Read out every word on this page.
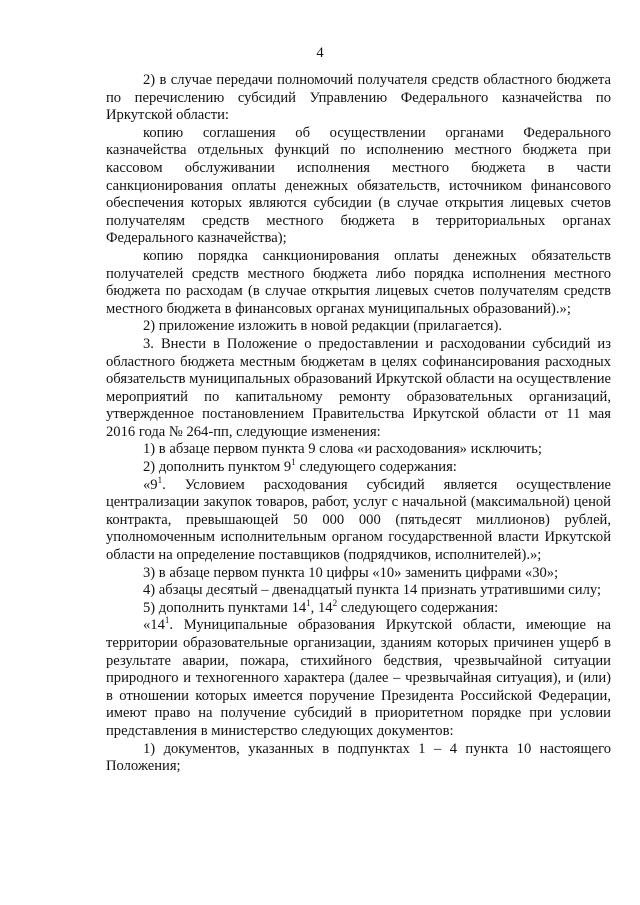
4

2) в случае передачи полномочий получателя средств областного бюджета по перечислению субсидий Управлению Федерального казначейства по Иркутской области:

копию соглашения об осуществлении органами Федерального казначейства отдельных функций по исполнению местного бюджета при кассовом обслуживании исполнения местного бюджета в части санкционирования оплаты денежных обязательств, источником финансового обеспечения которых являются субсидии (в случае открытия лицевых счетов получателям средств местного бюджета в территориальных органах Федерального казначейства);

копию порядка санкционирования оплаты денежных обязательств получателей средств местного бюджета либо порядка исполнения местного бюджета по расходам (в случае открытия лицевых счетов получателям средств местного бюджета в финансовых органах муниципальных образований).»;

2) приложение изложить в новой редакции (прилагается).

3. Внести в Положение о предоставлении и расходовании субсидий из областного бюджета местным бюджетам в целях софинансирования расходных обязательств муниципальных образований Иркутской области на осуществление мероприятий по капитальному ремонту образовательных организаций, утвержденное постановлением Правительства Иркутской области от 11 мая 2016 года № 264-пп, следующие изменения:

1) в абзаце первом пункта 9 слова «и расходования» исключить;

2) дополнить пунктом $9^1$ следующего содержания:

«$9^1$. Условием расходования субсидий является осуществление централизации закупок товаров, работ, услуг с начальной (максимальной) ценой контракта, превышающей 50 000 000 (пятьдесят миллионов) рублей, уполномоченным исполнительным органом государственной власти Иркутской области на определение поставщиков (подрядчиков, исполнителей).»;

3) в абзаце первом пункта 10 цифры «10» заменить цифрами «30»;

4) абзацы десятый – двенадцатый пункта 14 признать утратившими силу;

5) дополнить пунктами $14^1$, $14^2$ следующего содержания:

«$14^1$. Муниципальные образования Иркутской области, имеющие на территории образовательные организации, зданиям которых причинен ущерб в результате аварии, пожара, стихийного бедствия, чрезвычайной ситуации природного и техногенного характера (далее – чрезвычайная ситуация), и (или) в отношении которых имеется поручение Президента Российской Федерации, имеют право на получение субсидий в приоритетном порядке при условии представления в министерство следующих документов:

1) документов, указанных в подпунктах 1 – 4 пункта 10 настоящего Положения;
